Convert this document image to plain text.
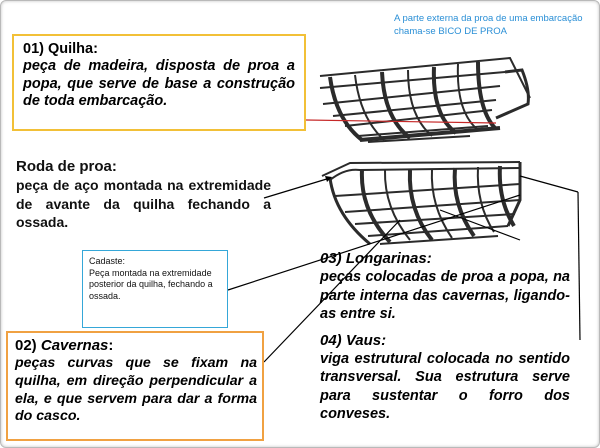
A parte externa da proa de uma embarcação chama-se BICO DE PROA
01) Quilha:
peça de madeira, disposta de proa a popa, que serve de base a construção de toda embarcação.
Roda de proa:
peça de aço montada na extremidade de avante da quilha fechando a ossada.
Cadaste:
Peça montada na extremidade posterior da quilha, fechando a ossada.
02) Cavernas:
peças curvas que se fixam na quilha, em direção perpendicular a ela, e que servem para dar a forma do casco.
03) Longarinas:
peças colocadas de proa a popa, na parte interna das cavernas, ligando-as entre si.
04) Vaus:
viga estrutural colocada no sentido transversal. Sua estrutura serve para sustentar o forro dos conveses.
